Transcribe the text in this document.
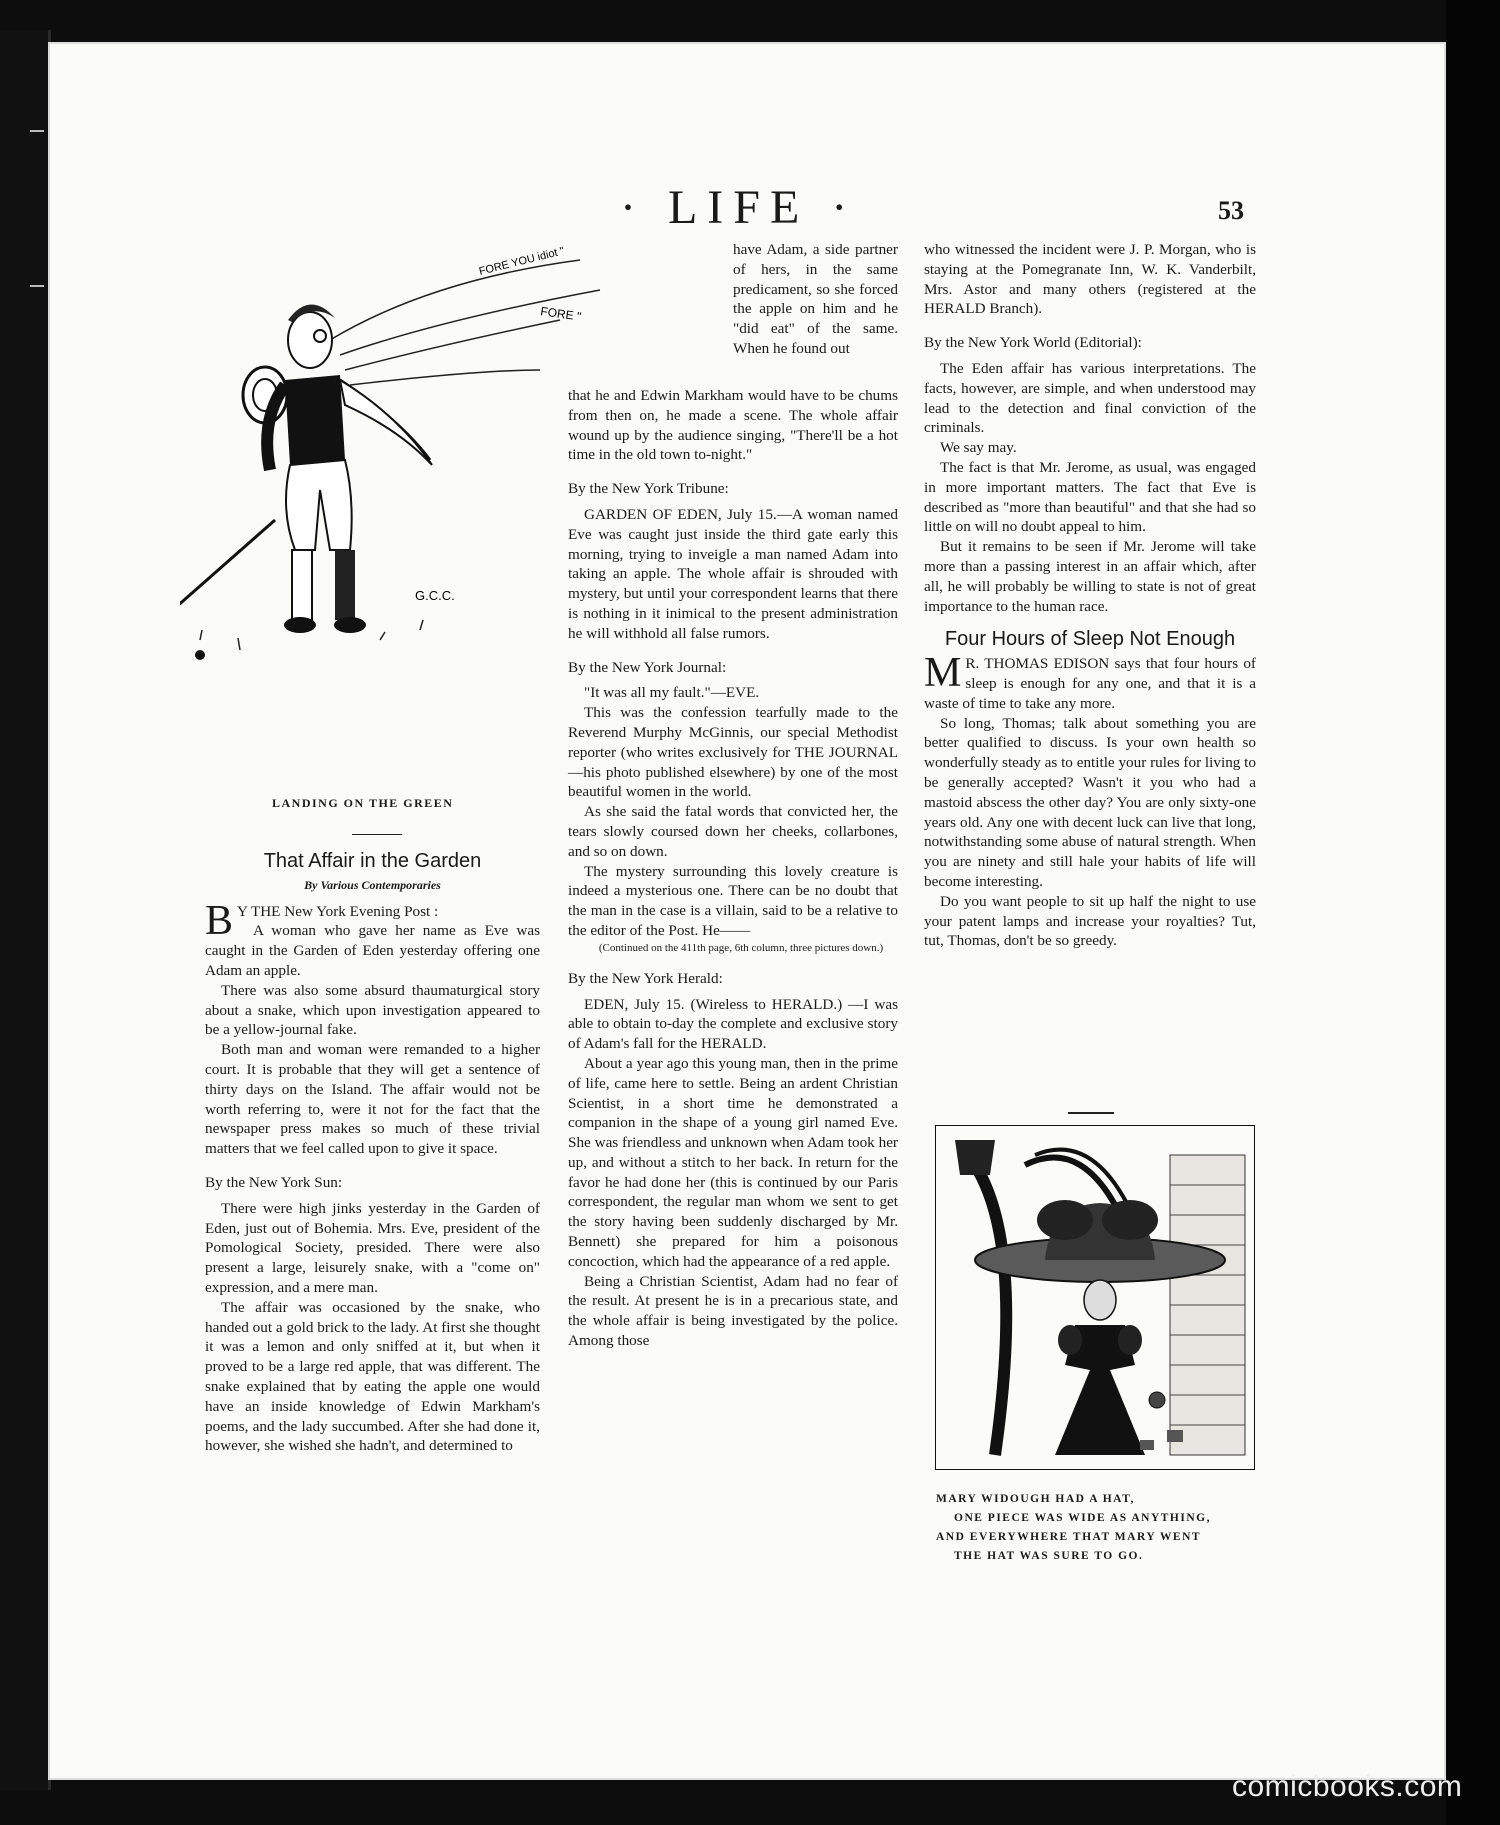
· LIFE ·	53
FORE YOU idiot "
FORE "
G.C.C.
LANDING ON THE GREEN
That Affair in the Garden
By Various Contemporaries

B Y THE New York Evening Post :

A woman who gave her name as Eve was caught in the Garden of Eden yesterday offering one Adam an apple.

There was also some absurd thaumaturgical story about a snake, which upon investigation appeared to be a yellow-journal fake.

Both man and woman were remanded to a higher court. It is probable that they will get a sentence of thirty days on the Island. The affair would not be worth referring to, were it not for the fact that the newspaper press makes so much of these trivial matters that we feel called upon to give it space.

By the New York Sun:

There were high jinks yesterday in the Garden of Eden, just out of Bohemia. Mrs. Eve, president of the Pomological Society, presided. There were also present a large, leisurely snake, with a "come on" expression, and a mere man.

The affair was occasioned by the snake, who handed out a gold brick to the lady. At first she thought it was a lemon and only sniffed at it, but when it proved to be a large red apple, that was different. The snake explained that by eating the apple one would have an inside knowledge of Edwin Markham's poems, and the lady succumbed. After she had done it, however, she wished she hadn't, and determined to

have Adam, a side partner of hers, in the same predicament, so she forced the apple on him and he "did eat" of the same. When he found out

that he and Edwin Markham would have to be chums from then on, he made a scene. The whole affair wound up by the audience singing, "There'll be a hot time in the old town to-night."

By the New York Tribune:

GARDEN OF EDEN, July 15.—A woman named Eve was caught just inside the third gate early this morning, trying to inveigle a man named Adam into taking an apple. The whole affair is shrouded with mystery, but until your correspondent learns that there is nothing in it inimical to the present administration he will withhold all false rumors.

By the New York Journal:

"It was all my fault."—EVE.

This was the confession tearfully made to the Reverend Murphy McGinnis, our special Methodist reporter (who writes exclusively for THE JOURNAL—his photo published elsewhere) by one of the most beautiful women in the world.

As she said the fatal words that convicted her, the tears slowly coursed down her cheeks, collarbones, and so on down.

The mystery surrounding this lovely creature is indeed a mysterious one. There can be no doubt that the man in the case is a villain, said to be a relative to the editor of the Post. He——

(Continued on the 411th page, 6th column, three pictures down.)

By the New York Herald:

EDEN, July 15. (Wireless to HERALD.) —I was able to obtain to-day the complete and exclusive story of Adam's fall for the HERALD.

About a year ago this young man, then in the prime of life, came here to settle. Being an ardent Christian Scientist, in a short time he demonstrated a companion in the shape of a young girl named Eve. She was friendless and unknown when Adam took her up, and without a stitch to her back. In return for the favor he had done her (this is continued by our Paris correspondent, the regular man whom we sent to get the story having been suddenly discharged by Mr. Bennett) she prepared for him a poisonous concoction, which had the appearance of a red apple.

Being a Christian Scientist, Adam had no fear of the result. At present he is in a precarious state, and the whole affair is being investigated by the police. Among those

who witnessed the incident were J. P. Morgan, who is staying at the Pomegranate Inn, W. K. Vanderbilt, Mrs. Astor and many others (registered at the HERALD Branch).

By the New York World (Editorial):

The Eden affair has various interpretations. The facts, however, are simple, and when understood may lead to the detection and final conviction of the criminals.

We say may.

The fact is that Mr. Jerome, as usual, was engaged in more important matters. The fact that Eve is described as "more than beautiful" and that she had so little on will no doubt appeal to him.

But it remains to be seen if Mr. Jerome will take more than a passing interest in an affair which, after all, he will probably be willing to state is not of great importance to the human race.

Four Hours of Sleep Not Enough

M R. THOMAS EDISON says that four hours of sleep is enough for any one, and that it is a waste of time to take any more.

So long, Thomas; talk about something you are better qualified to discuss. Is your own health so wonderfully steady as to entitle your rules for living to be generally accepted? Wasn't it you who had a mastoid abscess the other day? You are only sixty-one years old. Any one with decent luck can live that long, notwithstanding some abuse of natural strength. When you are ninety and still hale your habits of life will become interesting.

Do you want people to sit up half the night to use your patent lamps and increase your royalties? Tut, tut, Thomas, don't be so greedy.

MARY WIDOUGH HAD A HAT,
ONE PIECE WAS WIDE AS ANYTHING,
AND EVERYWHERE THAT MARY WENT
THE HAT WAS SURE TO GO.
comicbooks.com
